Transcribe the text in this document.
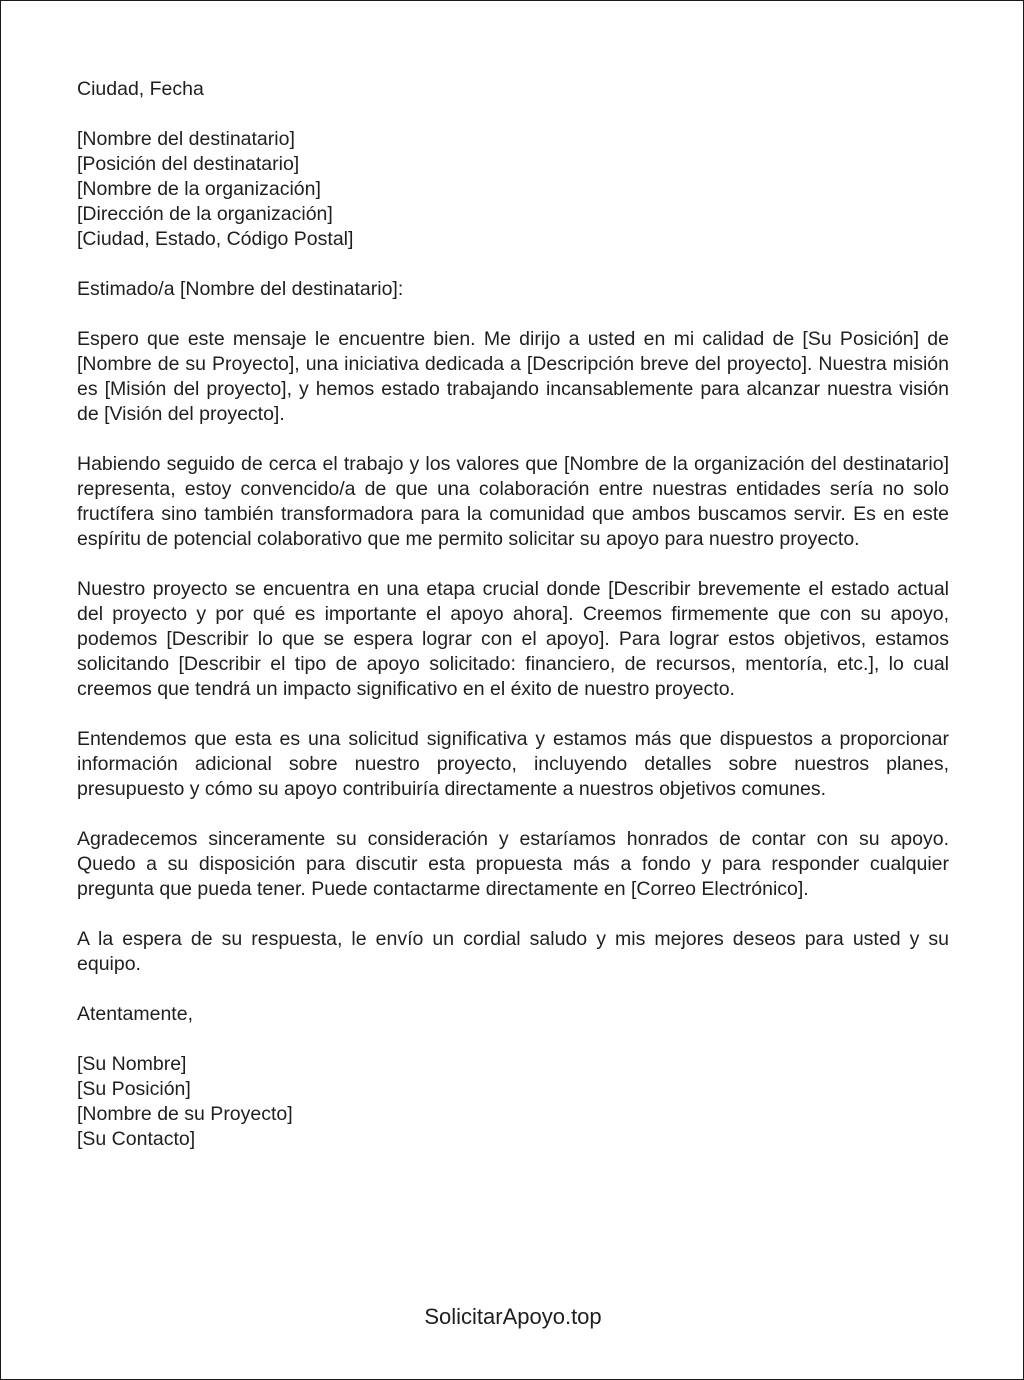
Ciudad, Fecha

[Nombre del destinatario]
[Posición del destinatario]
[Nombre de la organización]
[Dirección de la organización]
[Ciudad, Estado, Código Postal]

Estimado/a [Nombre del destinatario]:

Espero que este mensaje le encuentre bien. Me dirijo a usted en mi calidad de [Su Posición] de [Nombre de su Proyecto], una iniciativa dedicada a [Descripción breve del proyecto]. Nuestra misión es [Misión del proyecto], y hemos estado trabajando incansablemente para alcanzar nuestra visión de [Visión del proyecto].

Habiendo seguido de cerca el trabajo y los valores que [Nombre de la organización del destinatario] representa, estoy convencido/a de que una colaboración entre nuestras entidades sería no solo fructífera sino también transformadora para la comunidad que ambos buscamos servir. Es en este espíritu de potencial colaborativo que me permito solicitar su apoyo para nuestro proyecto.

Nuestro proyecto se encuentra en una etapa crucial donde [Describir brevemente el estado actual del proyecto y por qué es importante el apoyo ahora]. Creemos firmemente que con su apoyo, podemos [Describir lo que se espera lograr con el apoyo]. Para lograr estos objetivos, estamos solicitando [Describir el tipo de apoyo solicitado: financiero, de recursos, mentoría, etc.], lo cual creemos que tendrá un impacto significativo en el éxito de nuestro proyecto.

Entendemos que esta es una solicitud significativa y estamos más que dispuestos a proporcionar información adicional sobre nuestro proyecto, incluyendo detalles sobre nuestros planes, presupuesto y cómo su apoyo contribuiría directamente a nuestros objetivos comunes.

Agradecemos sinceramente su consideración y estaríamos honrados de contar con su apoyo. Quedo a su disposición para discutir esta propuesta más a fondo y para responder cualquier pregunta que pueda tener. Puede contactarme directamente en [Correo Electrónico].

A la espera de su respuesta, le envío un cordial saludo y mis mejores deseos para usted y su equipo.

Atentamente,

[Su Nombre]
[Su Posición]
[Nombre de su Proyecto]
[Su Contacto]

SolicitarApoyo.top
